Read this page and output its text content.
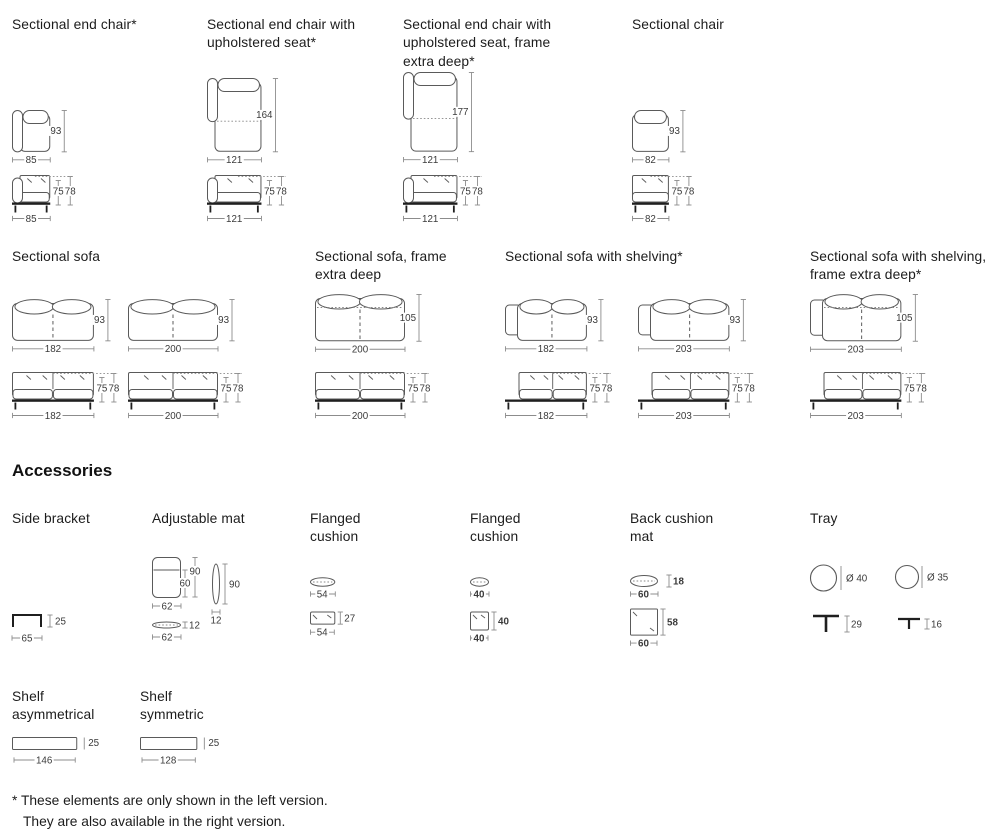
Sectional end chair*
93
85
75 78
85
Sectional end chair with upholstered seat*
164
121
75 78
121
Sectional end chair with upholstered seat, frame extra deep*
177
121
75 78
121
Sectional chair
93
82
75 78
82
Sectional sofa
93
182
75 78
182
93
200
75 78
200
Sectional sofa, frame extra deep
105
200
75 78
200
Sectional sofa with shelving*
93
182
75 78
182
93
203
75 78
203
Sectional sofa with shelving, frame extra deep*
105
203
75 78
203
Accessories
Side bracket
25
65
Adjustable mat
60
90
62
12
62
90
12
Flanged cushion
54
27
54
Flanged cushion
40
40
40
Back cushion mat
18
60
58
60
Tray
Ø 40	Ø 35
29	16
Shelf asymmetrical
25
146
Shelf symmetric
25
128
* These elements are only shown in the left version.
They are also available in the right version.
